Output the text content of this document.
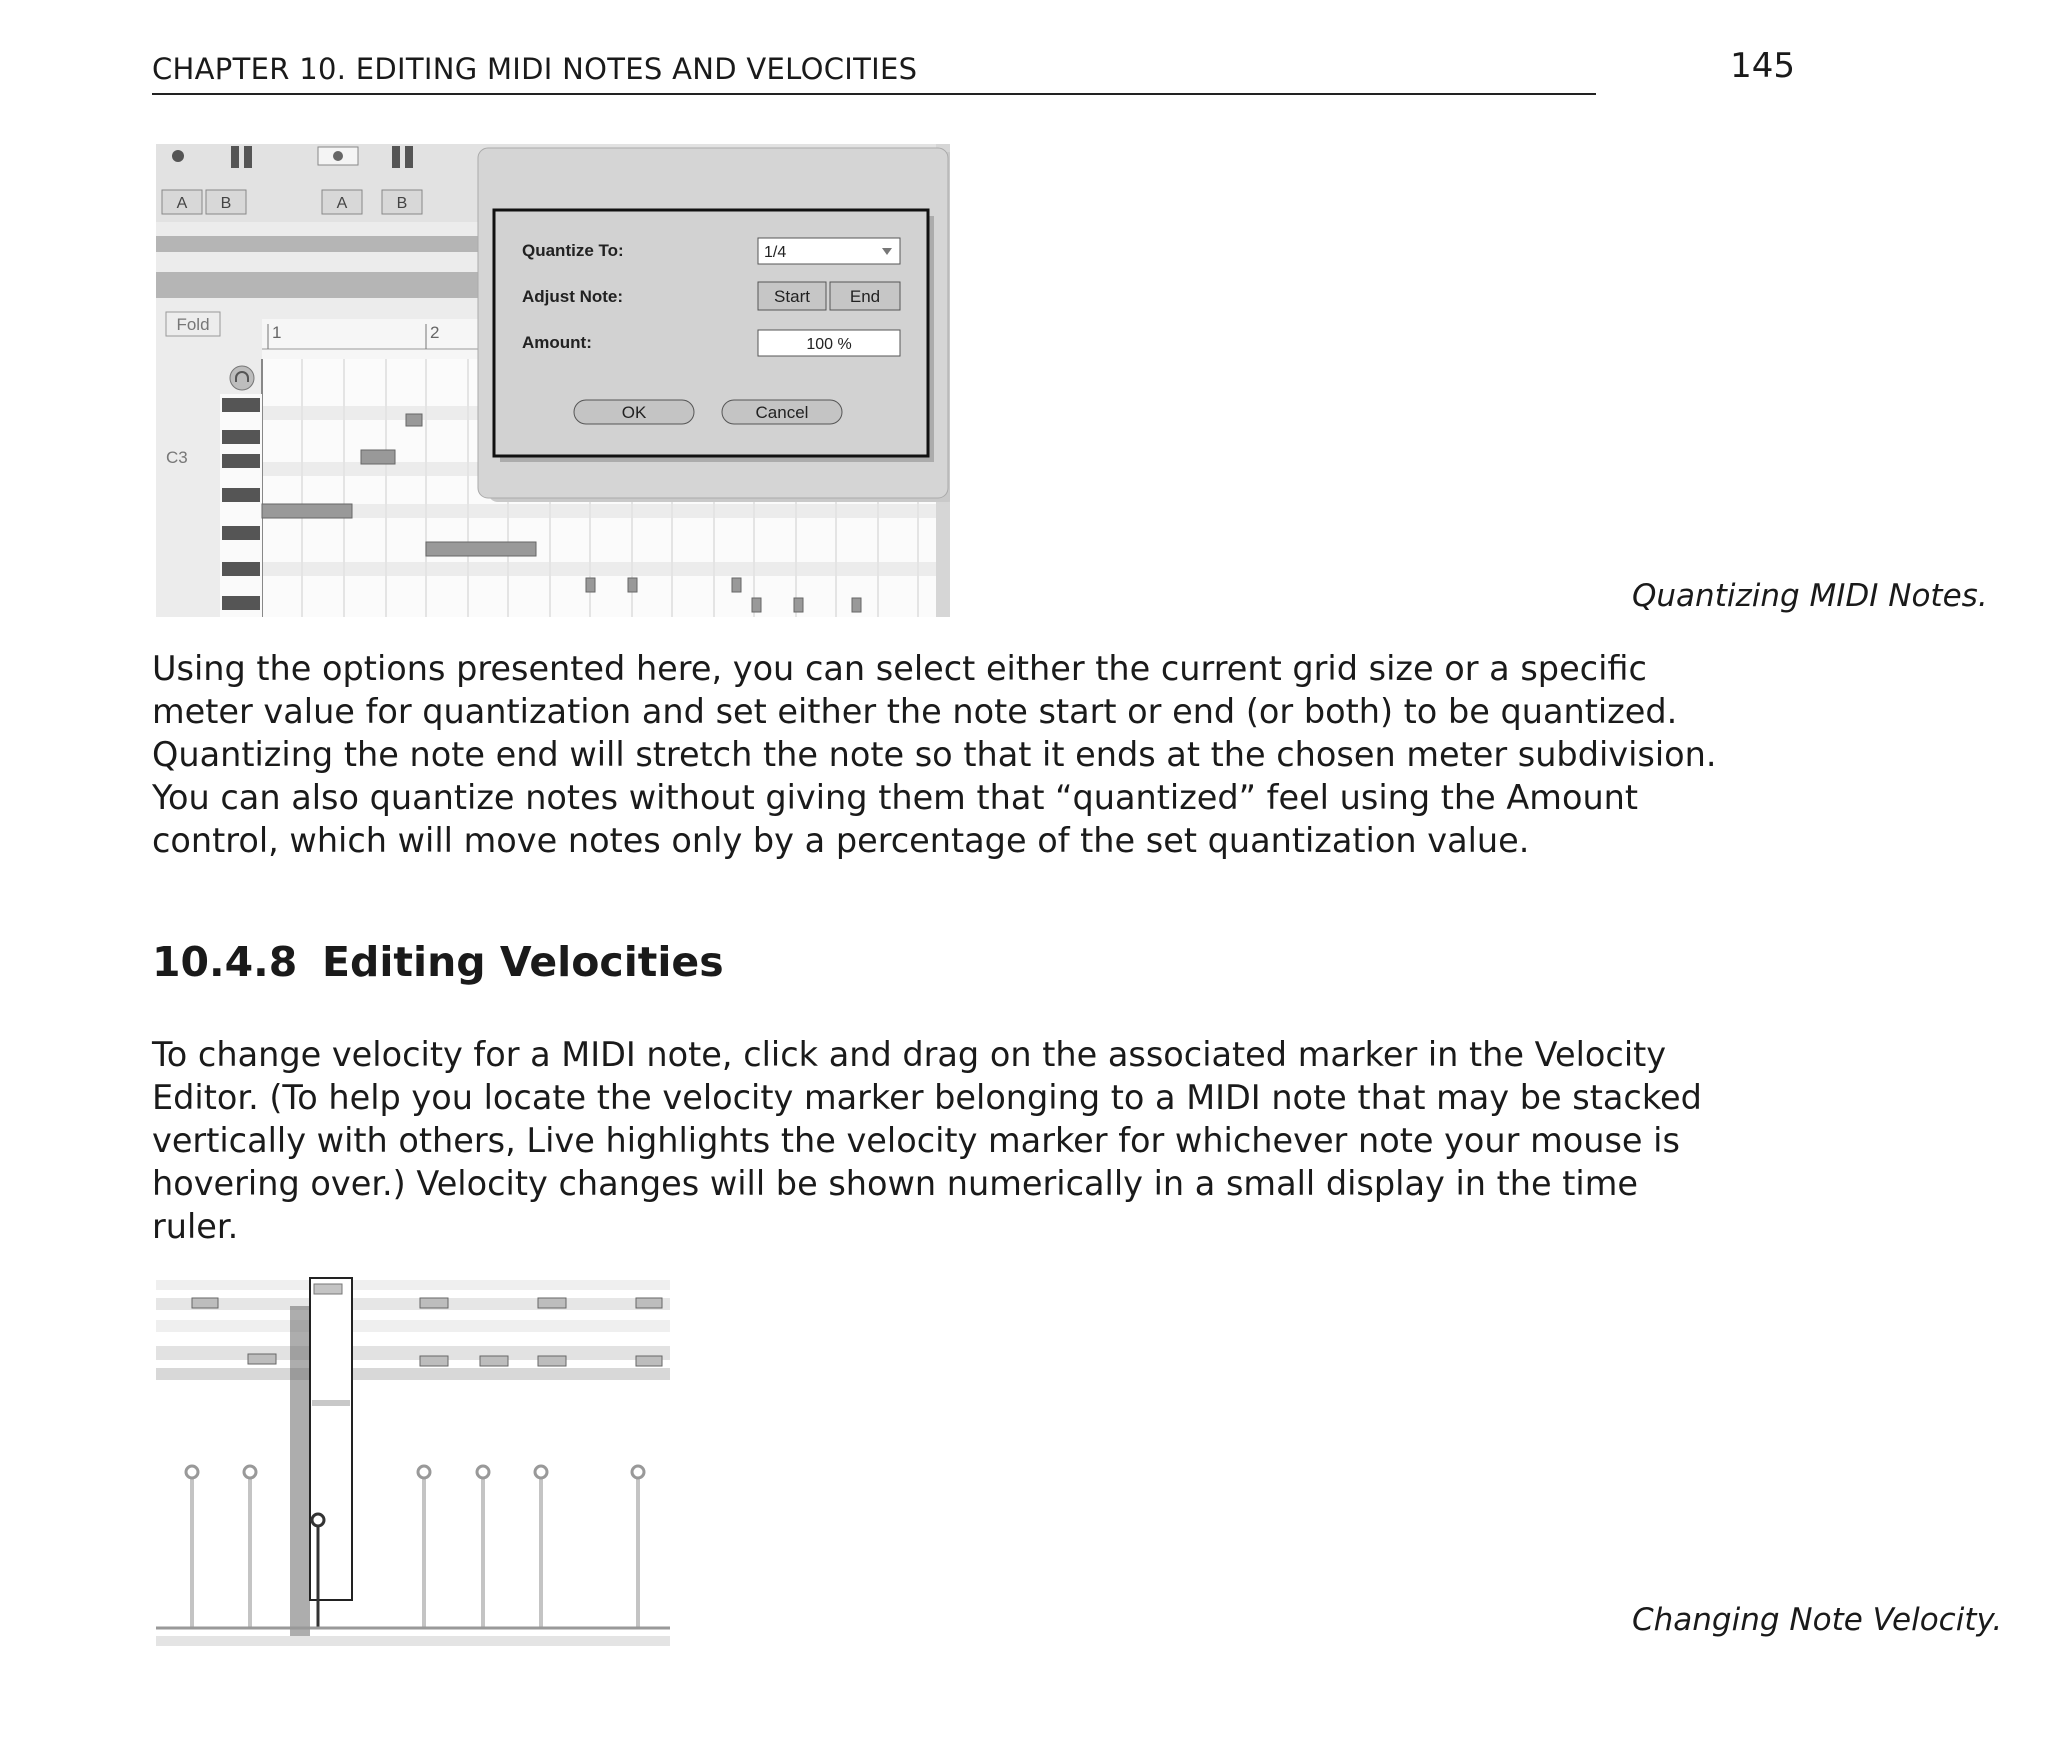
CHAPTER 10. EDITING MIDI NOTES AND VELOCITIES	145
A B	A	B
Fold	1	2
C3
Quantize To:	1/4
Adjust Note:	Start End
Amount:	100 %
OK	Cancel
Quantizing MIDI Notes.
Using the options presented here, you can select either the current grid size or a specific
meter value for quantization and set either the note start or end (or both) to be quantized.
Quantizing the note end will stretch the note so that it ends at the chosen meter subdivision.
You can also quantize notes without giving them that “quantized” feel using the Amount
control, which will move notes only by a percentage of the set quantization value.
10.4.8 Editing Velocities
To change velocity for a MIDI note, click and drag on the associated marker in the Velocity
Editor. (To help you locate the velocity marker belonging to a MIDI note that may be stacked
vertically with others, Live highlights the velocity marker for whichever note your mouse is
hovering over.) Velocity changes will be shown numerically in a small display in the time
ruler.
Changing Note Velocity.
